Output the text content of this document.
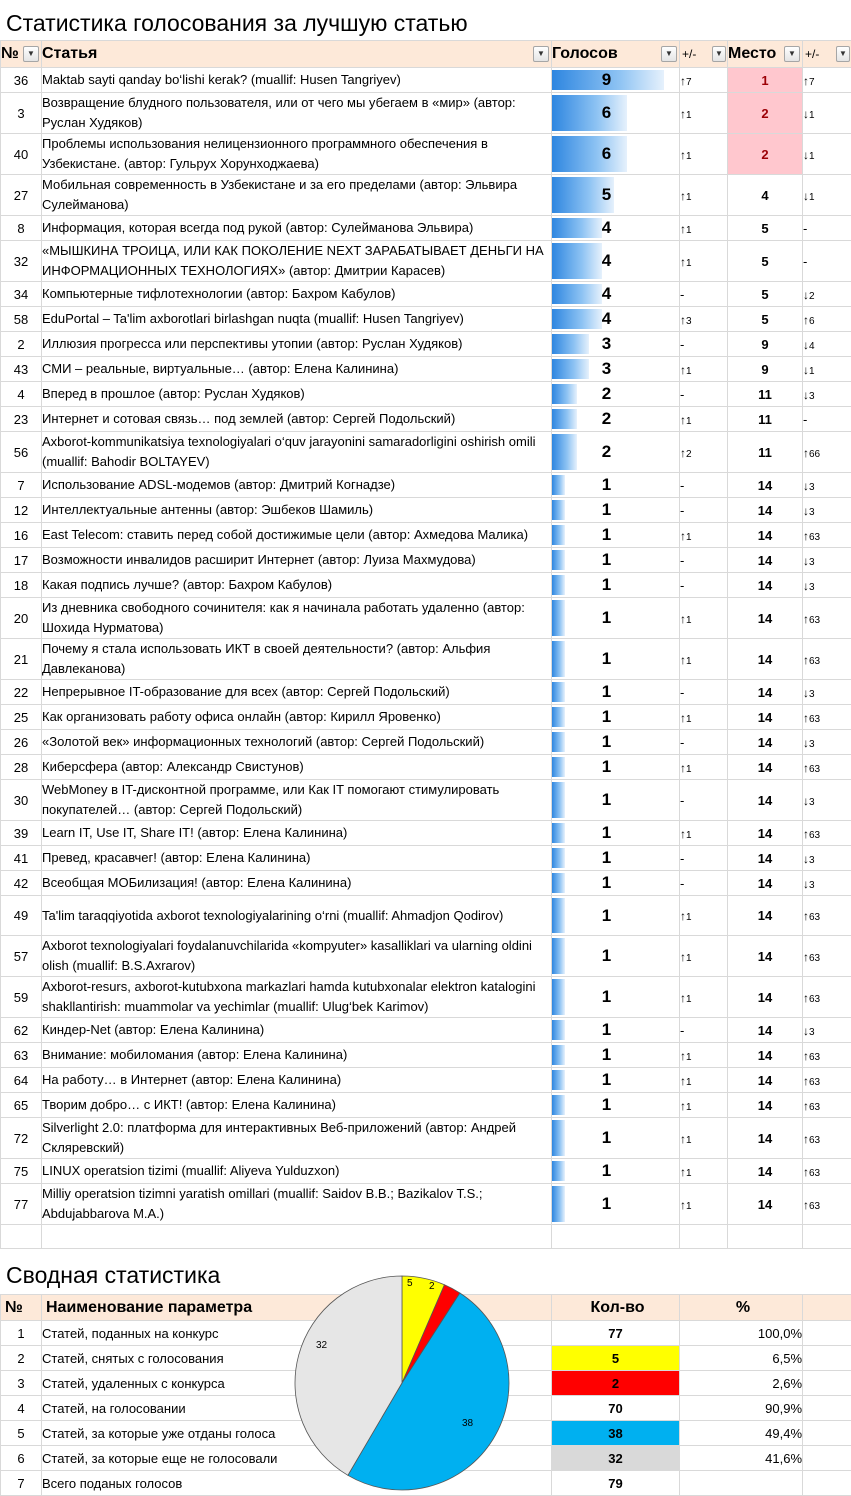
Статистика голосования за лучшую статью
№ ▼	Статья ▼	Голосов ▼	+/- ▼	Место ▼	+/- ▼

36	Maktab sayti qanday bo‘lishi kerak? (muallif: Husen Tangriyev)	9	↑7	1	↑7
3	Возвращение блудного пользователя, или от чего мы убегаем в «мир» (автор: Руслан Худяков)	6	↑1	2	↓1
40	Проблемы использования нелицензионного программного обеспечения в Узбекистане. (автор: Гульрух Хорунходжаева)	6	↑1	2	↓1
27	Мобильная современность в Узбекистане и за его пределами (автор: Эльвира Сулейманова)	5	↑1	4	↓1
8	Информация, которая всегда под рукой (автор: Сулейманова Эльвира)	4	↑1	5	-
32	«МЫШКИНА ТРОИЦА, ИЛИ КАК ПОКОЛЕНИЕ NEXT ЗАРАБАТЫВАЕТ ДЕНЬГИ НА ИНФОРМАЦИОННЫХ ТЕХНОЛОГИЯХ» (автор: Дмитрии Карасев)	4	↑1	5	-
34	Компьютерные тифлотехнологии (автор: Бахром Кабулов)	4	-	5	↓2
58	EduPortal – Ta'lim axborotlari birlashgan nuqta (muallif: Husen Tangriyev)	4	↑3	5	↑6
2	Иллюзия прогресса или перспективы утопии (автор: Руслан Худяков)	3	-	9	↓4
43	СМИ – реальные, виртуальные… (автор: Елена Калинина)	3	↑1	9	↓1
4	Вперед в прошлое (автор: Руслан Худяков)	2	-	11	↓3
23	Интернет и сотовая связь… под землей (автор: Сергей Подольский)	2	↑1	11	-
56	Axborot-kommunikatsiya texnologiyalari o‘quv jarayonini samaradorligini oshirish omili (muallif: Bahodir BOLTAYEV)	2	↑2	11	↑66
7	Использование ADSL-модемов (автор: Дмитрий Когнадзе)	1	-	14	↓3
12	Интеллектуальные антенны (автор: Эшбеков Шамиль)	1	-	14	↓3
16	East Telecom: ставить перед собой достижимые цели (автор: Ахмедова Малика)	1	↑1	14	↑63
17	Возможности инвалидов расширит Интернет (автор: Луиза Махмудова)	1	-	14	↓3
18	Какая подпись лучше? (автор: Бахром Кабулов)	1	-	14	↓3
20	Из дневника свободного сочинителя: как я начинала работать удаленно (автор: Шохида Нурматова)	1	↑1	14	↑63
21	Почему я стала использовать ИКТ в своей деятельности? (автор: Альфия Давлеканова)	1	↑1	14	↑63
22	Непрерывное IT-образование для всех (автор: Сергей Подольский)	1	-	14	↓3
25	Как организовать работу офиса онлайн (автор: Кирилл Яровенко)	1	↑1	14	↑63
26	«Золотой век» информационных технологий (автор: Сергей Подольский)	1	-	14	↓3
28	Киберсфера (автор: Александр Свистунов)	1	↑1	14	↑63
30	WebMoney в IT-дисконтной программе, или Как IT помогают стимулировать покупателей… (автор: Сергей Подольский)	1	-	14	↓3
39	Learn IT, Use IT, Share IT! (автор: Елена Калинина)	1	↑1	14	↑63
41	Превед, красавчег! (автор: Елена Калинина)	1	-	14	↓3
42	Всеобщая МОБилизация! (автор: Елена Калинина)	1	-	14	↓3
49	Ta'lim taraqqiyotida axborot texnologiyalarining o‘rni (muallif: Ahmadjon Qodirov)	1	↑1	14	↑63
57	Axborot texnologiyalari foydalanuvchilarida «kompyuter» kasalliklari va ularning oldini olish (muallif: B.S.Axrarov)	1	↑1	14	↑63
59	Axborot-resurs, axborot-kutubxona markazlari hamda kutubxonalar elektron katalogini shakllantirish: muammolar va yechimlar (muallif: Ulug‘bek Karimov)	1	↑1	14	↑63
62	Киндер-Net (автор: Елена Калинина)	1	-	14	↓3
63	Внимание: мобиломания (автор: Елена Калинина)	1	↑1	14	↑63
64	На работу… в Интернет (автор: Елена Калинина)	1	↑1	14	↑63
65	Творим добро… с ИКТ! (автор: Елена Калинина)	1	↑1	14	↑63
72	Silverlight 2.0: платформа для интерактивных Веб-приложений (автор: Андрей Скляревский)	1	↑1	14	↑63
75	LINUX operatsion tizimi (muallif: Aliyeva Yulduzxon)	1	↑1	14	↑63
77	Milliy operatsion tizimni yaratish omillari (muallif: Saidov B.B.; Bazikalov T.S.; Abdujabbarova M.A.)	1	↑1	14	↑63

Сводная статистика
№	Наименование параметра	Кол-во	%	
1	Статей, поданных на конкурс	77	100,0%	
2	Статей, снятых с голосования	5	6,5%	
3	Статей, удаленных с конкурса	2	2,6%	
4	Статей, на голосовании	70	90,9%	
5	Статей, за которые уже отданы голоса	38	49,4%	
6	Статей, за которые еще не голосовали	32	41,6%	
7	Всего поданых голосов	79		
5 2
38
32
